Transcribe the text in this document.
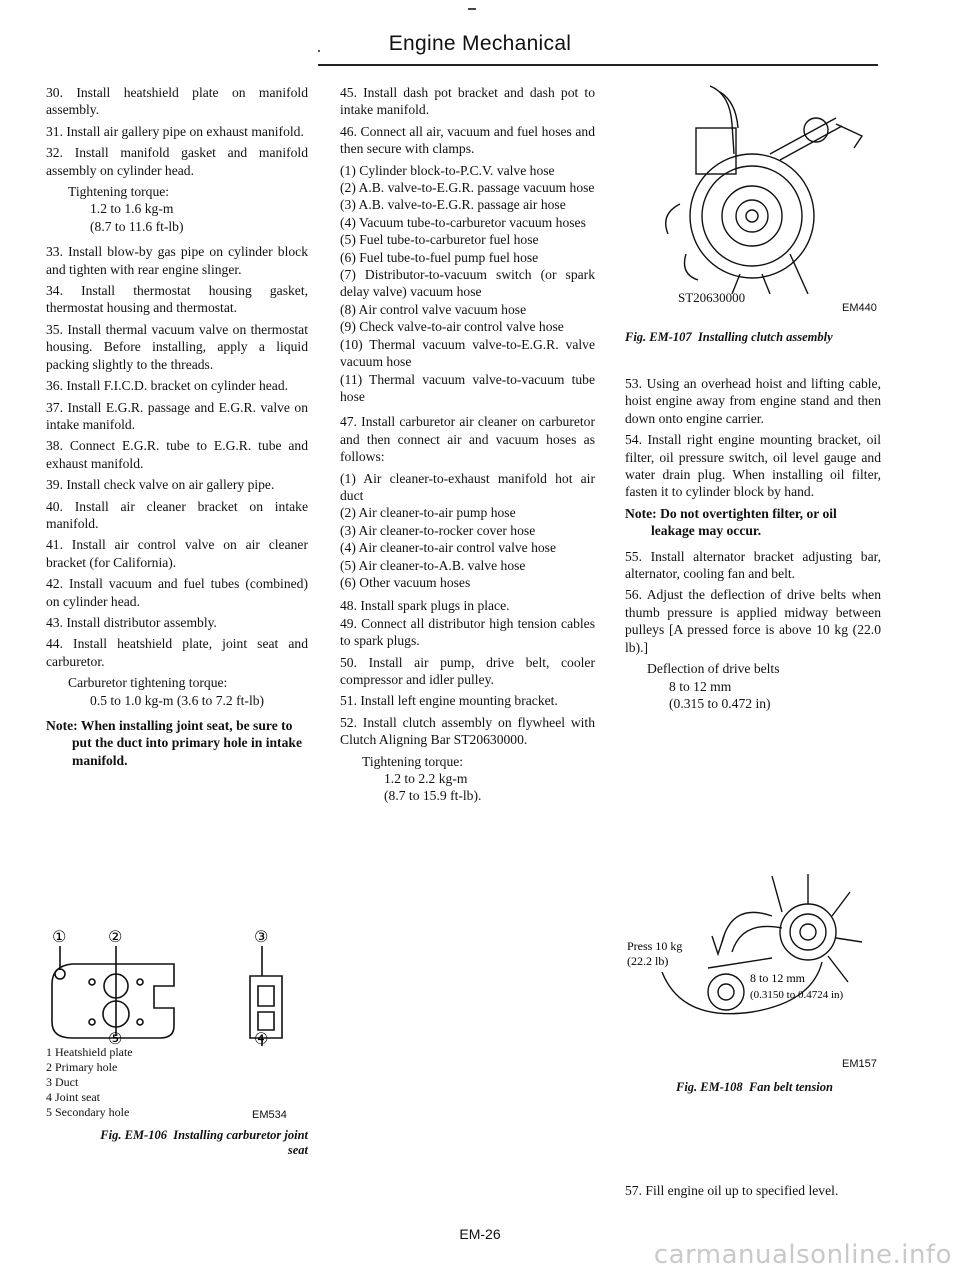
Engine Mechanical

30. Install heatshield plate on manifold assembly.

31. Install air gallery pipe on exhaust manifold.

32. Install manifold gasket and manifold assembly on cylinder head.

Tightening torque:
1.2 to 1.6 kg-m
(8.7 to 11.6 ft-lb)

33. Install blow-by gas pipe on cylinder block and tighten with rear engine slinger.

34. Install thermostat housing gasket, thermostat housing and thermostat.

35. Install thermal vacuum valve on thermostat housing. Before installing, apply a liquid packing slightly to the threads.

36. Install F.I.C.D. bracket on cylinder head.

37. Install E.G.R. passage and E.G.R. valve on intake manifold.

38. Connect E.G.R. tube to E.G.R. tube and exhaust manifold.

39. Install check valve on air gallery pipe.

40. Install air cleaner bracket on intake manifold.

41. Install air control valve on air cleaner bracket (for California).

42. Install vacuum and fuel tubes (combined) on cylinder head.

43. Install distributor assembly.

44. Install heatshield plate, joint seat and carburetor.

Carburetor tightening torque:
0.5 to 1.0 kg-m (3.6 to 7.2 ft-lb)
Note: When installing joint seat, be sure to put the duct into primary hole in intake manifold.
①	②	③
⑤	④
1 Heatshield plate
2 Primary hole
3 Duct
4 Joint seat
5 Secondary hole	EM534
Fig. EM-106 Installing carburetor joint seat

45. Install dash pot bracket and dash pot to intake manifold.

46. Connect all air, vacuum and fuel hoses and then secure with clamps.

(1) Cylinder block-to-P.C.V. valve hose

(2) A.B. valve-to-E.G.R. passage vacuum hose

(3) A.B. valve-to-E.G.R. passage air hose

(4) Vacuum tube-to-carburetor vacuum hoses

(5) Fuel tube-to-carburetor fuel hose

(6) Fuel tube-to-fuel pump fuel hose

(7) Distributor-to-vacuum switch (or spark delay valve) vacuum hose

(8) Air control valve vacuum hose

(9) Check valve-to-air control valve hose

(10) Thermal vacuum valve-to-E.G.R. valve vacuum hose

(11) Thermal vacuum valve-to-vacuum tube hose

47. Install carburetor air cleaner on carburetor and then connect air and vacuum hoses as follows:

(1) Air cleaner-to-exhaust manifold hot air duct

(2) Air cleaner-to-air pump hose

(3) Air cleaner-to-rocker cover hose

(4) Air cleaner-to-air control valve hose

(5) Air cleaner-to-A.B. valve hose

(6) Other vacuum hoses

48. Install spark plugs in place.

49. Connect all distributor high tension cables to spark plugs.

50. Install air pump, drive belt, cooler compressor and idler pulley.

51. Install left engine mounting bracket.

52. Install clutch assembly on flywheel with Clutch Aligning Bar ST20630000.

Tightening torque:
1.2 to 2.2 kg-m
(8.7 to 15.9 ft-lb).
ST20630000
EM440
Fig. EM-107 Installing clutch assembly

53. Using an overhead hoist and lifting cable, hoist engine away from engine stand and then down onto engine carrier.

54. Install right engine mounting bracket, oil filter, oil pressure switch, oil level gauge and water drain plug. When installing oil filter, fasten it to cylinder block by hand.

Note: Do not overtighten filter, or oil leakage may occur.

55. Install alternator bracket adjusting bar, alternator, cooling fan and belt.

56. Adjust the deflection of drive belts when thumb pressure is applied midway between pulleys [A pressed force is above 10 kg (22.0 lb).]

Deflection of drive belts
8 to 12 mm
(0.315 to 0.472 in)
Press 10 kg
(22.2 lb)
8 to 12 mm
(0.3150 to 0.4724 in)
EM157
Fig. EM-108 Fan belt tension

57. Fill engine oil up to specified level.

EM-26
carmanualsonline.info
